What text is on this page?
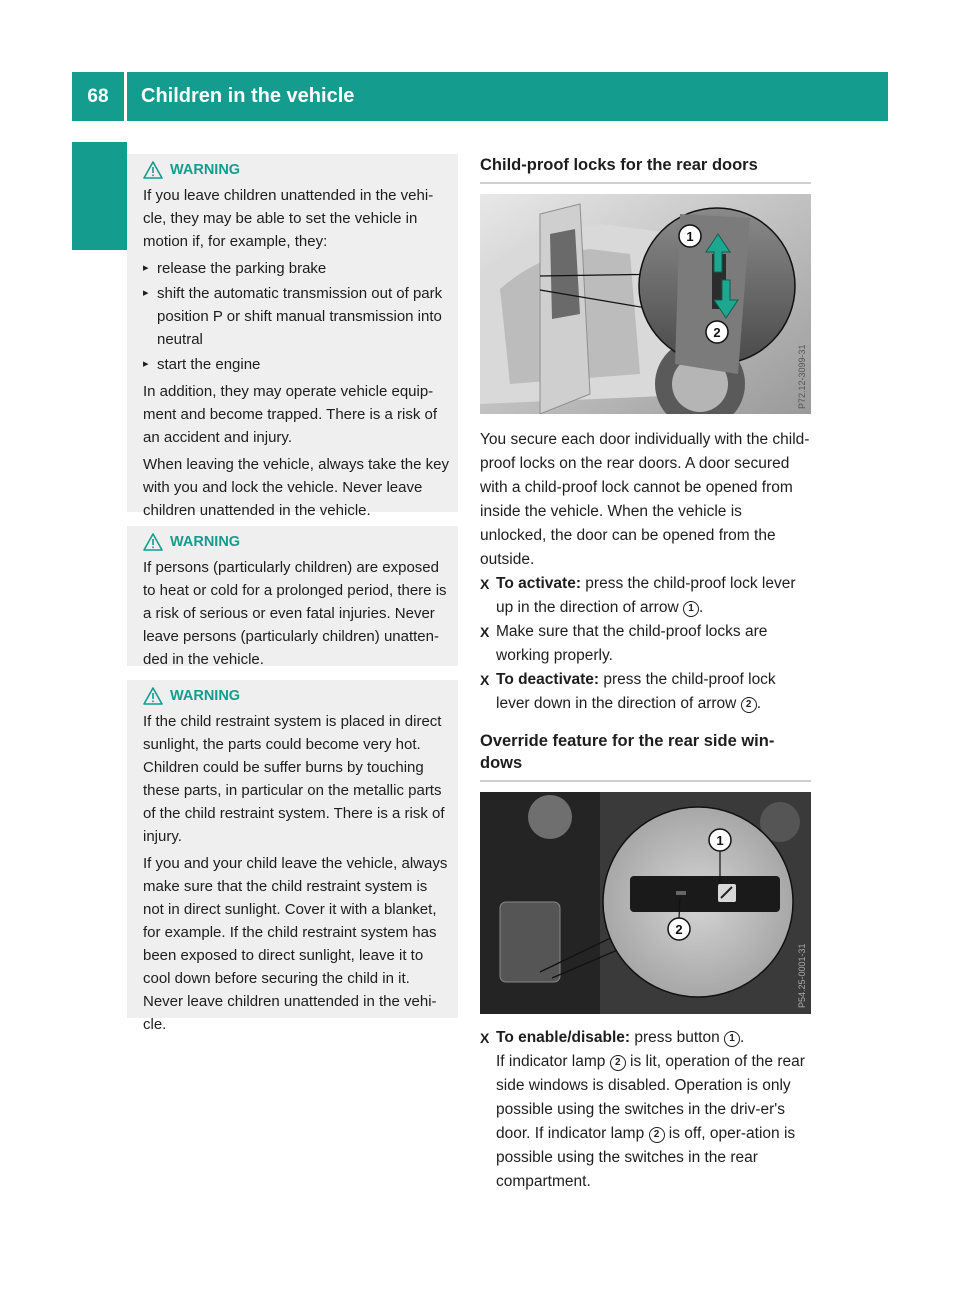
68	Children in the vehicle
Safety
WARNING

If you leave children unattended in the vehi-cle, they may be able to set the vehicle in motion if, for example, they:

▸ release the parking brake
▸ shift the automatic transmission out of park position P or shift manual transmission into neutral
▸ start the engine

In addition, they may operate vehicle equip-ment and become trapped. There is a risk of an accident and injury.

When leaving the vehicle, always take the key with you and lock the vehicle. Never leave children unattended in the vehicle.

WARNING

If persons (particularly children) are exposed to heat or cold for a prolonged period, there is a risk of serious or even fatal injuries. Never leave persons (particularly children) unatten-ded in the vehicle.

WARNING

If the child restraint system is placed in direct sunlight, the parts could become very hot. Children could be suffer burns by touching these parts, in particular on the metallic parts of the child restraint system. There is a risk of injury.

If you and your child leave the vehicle, always make sure that the child restraint system is not in direct sunlight. Cover it with a blanket, for example. If the child restraint system has been exposed to direct sunlight, leave it to cool down before securing the child in it. Never leave children unattended in the vehi-cle.

Child-proof locks for the rear doors
1
2
P72.12-3099-31

You secure each door individually with the child-proof locks on the rear doors. A door secured with a child-proof lock cannot be opened from inside the vehicle. When the vehicle is unlocked, the door can be opened from the outside.

X To activate: press the child-proof lock lever up in the direction of arrow 1 .
X Make sure that the child-proof locks are working properly.
X To deactivate: press the child-proof lock lever down in the direction of arrow 2 .
Override feature for the rear side win-dows
1
2
P54.25-0001-31
X To enable/disable: press button 1 .
If indicator lamp 2 is lit, operation of the rear side windows is disabled. Operation is only possible using the switches in the driv-er's door. If indicator lamp 2 is off, oper-ation is possible using the switches in the rear compartment.
